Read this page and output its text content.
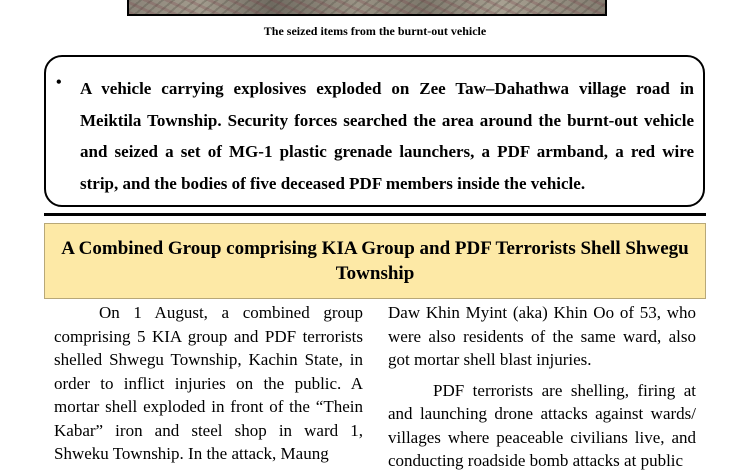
The seized items from the burnt-out vehicle
• A vehicle carrying explosives exploded on Zee Taw–Dahathwa village road in Meiktila Township. Security forces searched the area around the burnt-out vehicle and seized a set of MG-1 plastic grenade launchers, a PDF armband, a red wire strip, and the bodies of five deceased PDF members inside the vehicle.
A Combined Group comprising KIA Group and PDF Terrorists Shell Shwegu Township

On 1 August, a combined group comprising 5 KIA group and PDF terrorists shelled Shwegu Township, Kachin State, in order to inflict injuries on the public. A mortar shell exploded in front of the “Thein Kabar” iron and steel shop in ward 1, Shweku Township. In the attack, Maung

Daw Khin Myint (aka) Khin Oo of 53, who were also residents of the same ward, also got mortar shell blast injuries.

PDF terrorists are shelling, firing at and launching drone attacks against wards/ villages where peaceable civilians live, and conducting roadside bomb attacks at public
